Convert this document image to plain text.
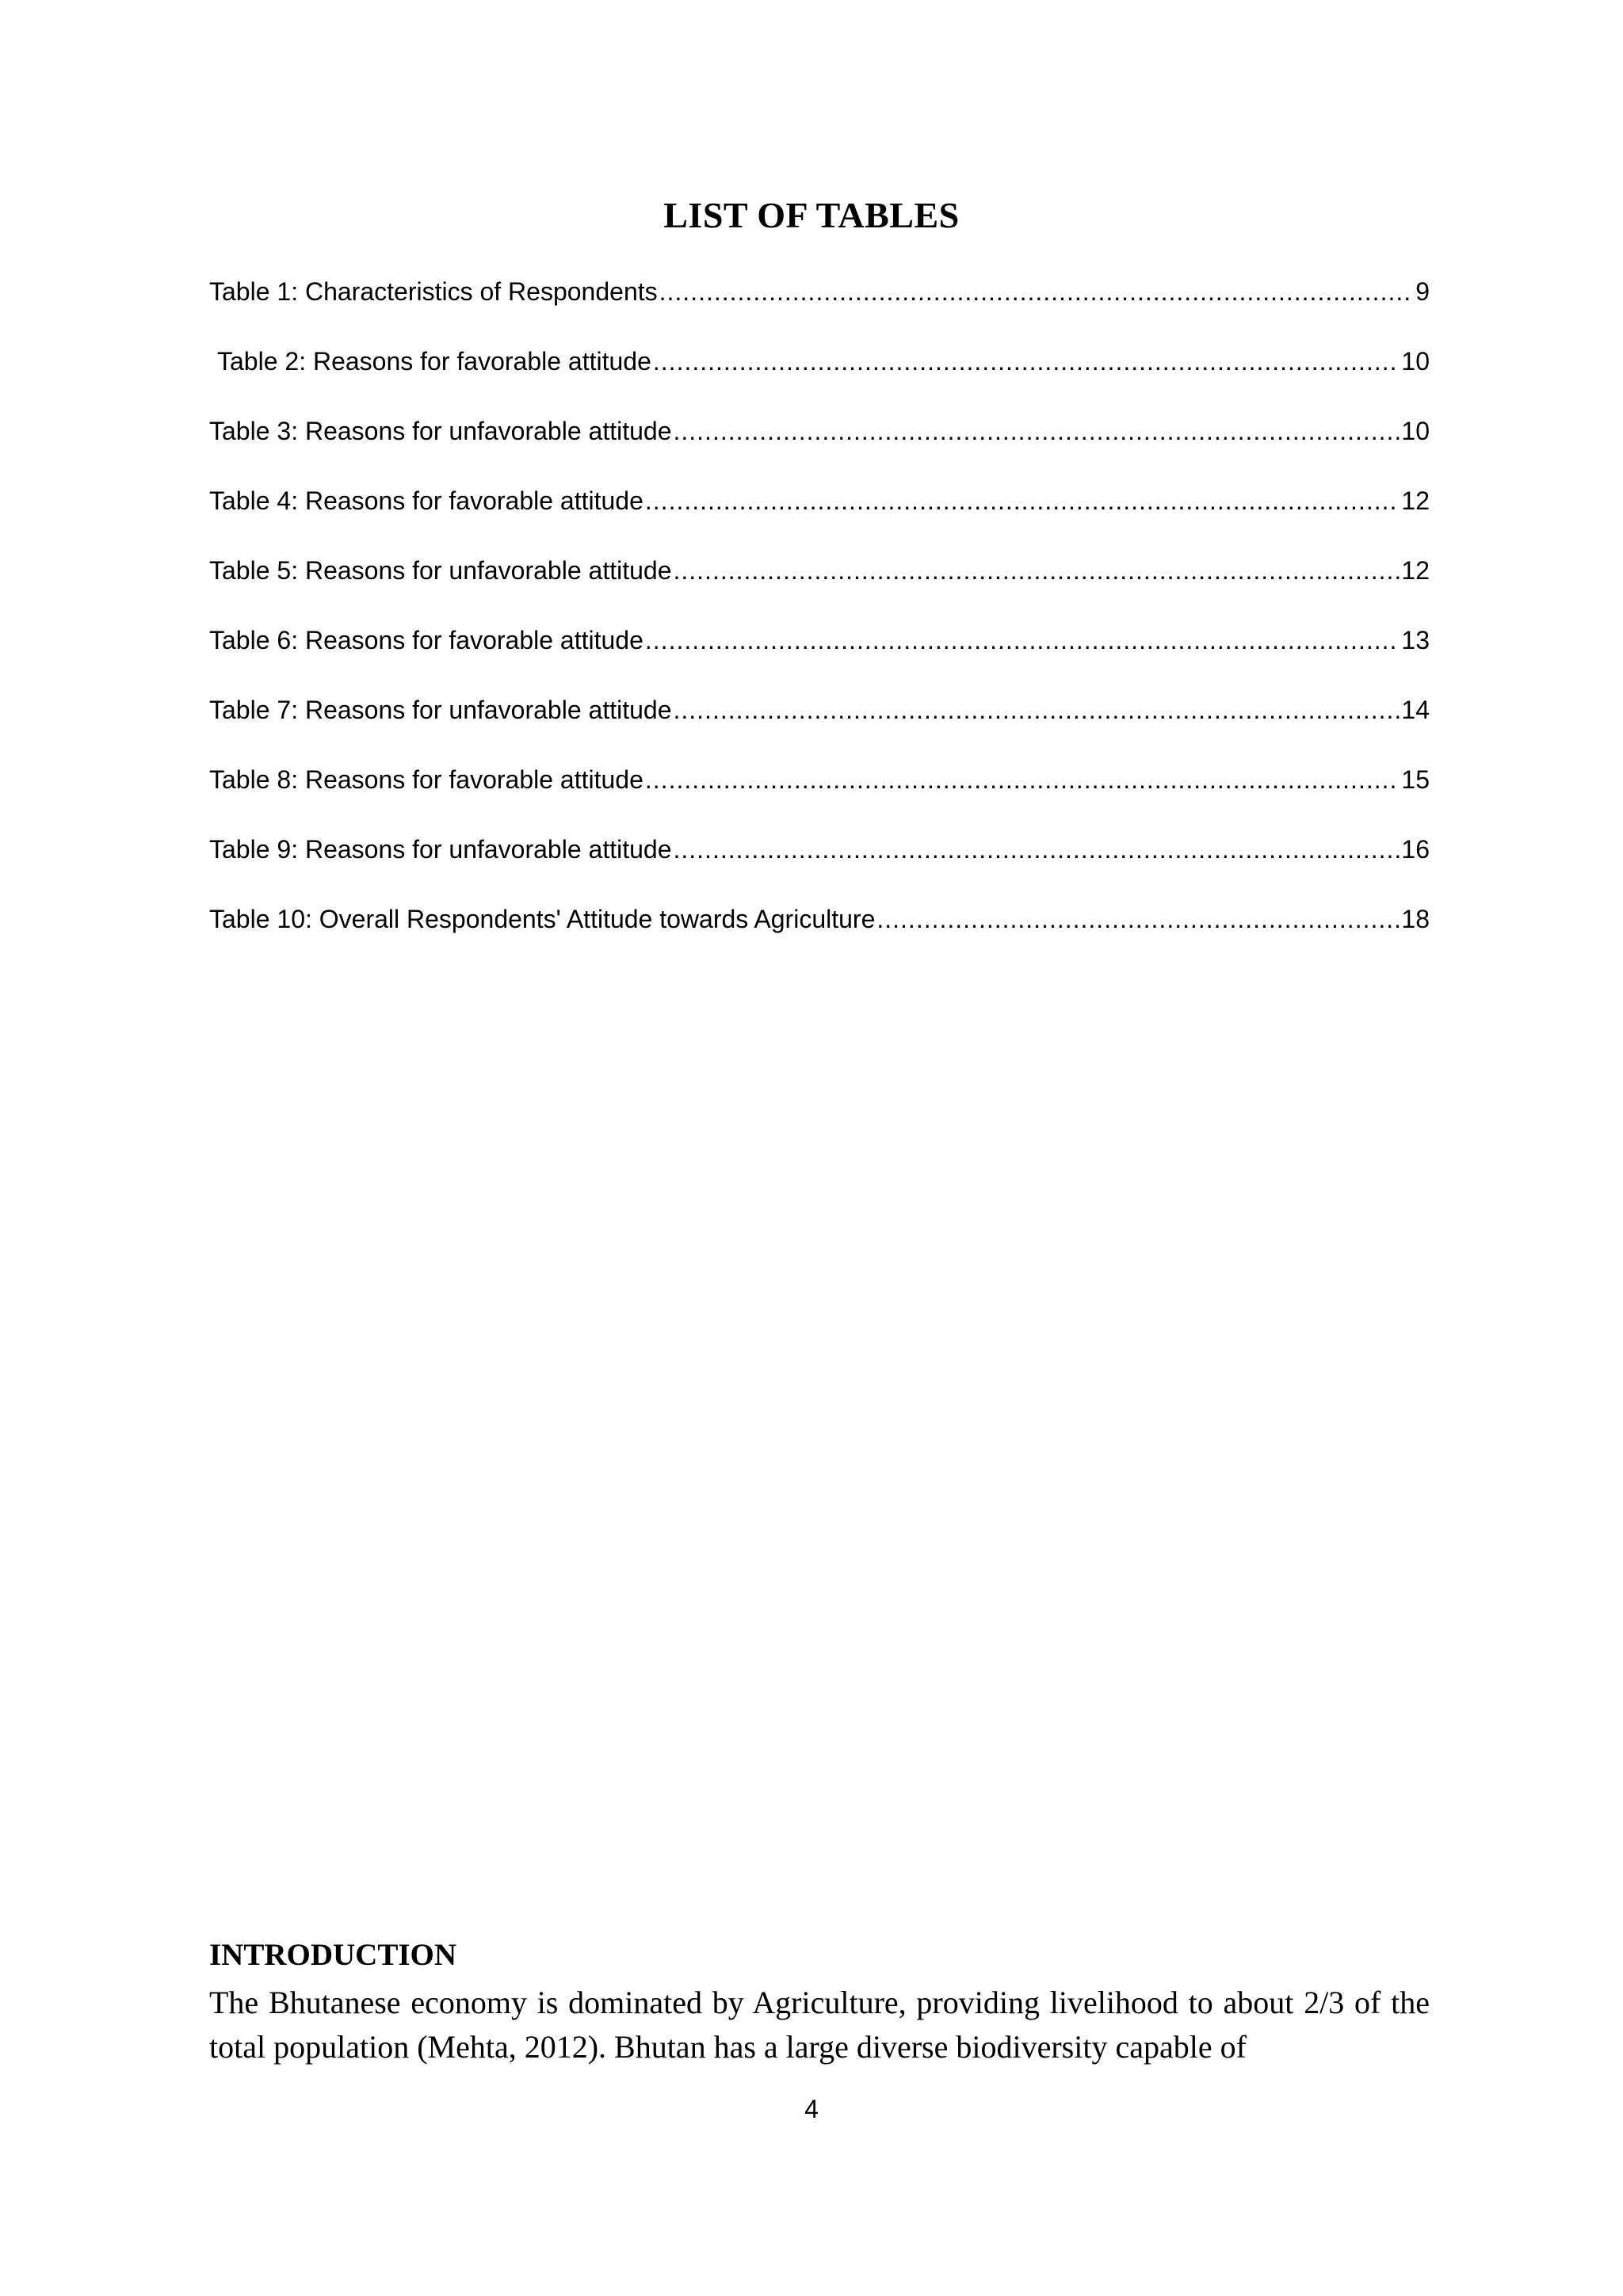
LIST OF TABLES
Table 1: Characteristics of Respondents .....	9
Table 2: Reasons for favorable attitude .....	10
Table 3: Reasons for unfavorable attitude .....	10
Table 4: Reasons for favorable attitude .....	12
Table 5: Reasons for unfavorable attitude .....	12
Table 6: Reasons for favorable attitude .....	13
Table 7: Reasons for unfavorable attitude .....	14
Table 8: Reasons for favorable attitude .....	15
Table 9: Reasons for unfavorable attitude .....	16
Table 10: Overall Respondents' Attitude towards Agriculture .....	18
INTRODUCTION

The Bhutanese economy is dominated by Agriculture, providing livelihood to about 2/3 of the total population (Mehta, 2012). Bhutan has a large diverse biodiversity capable of

4
